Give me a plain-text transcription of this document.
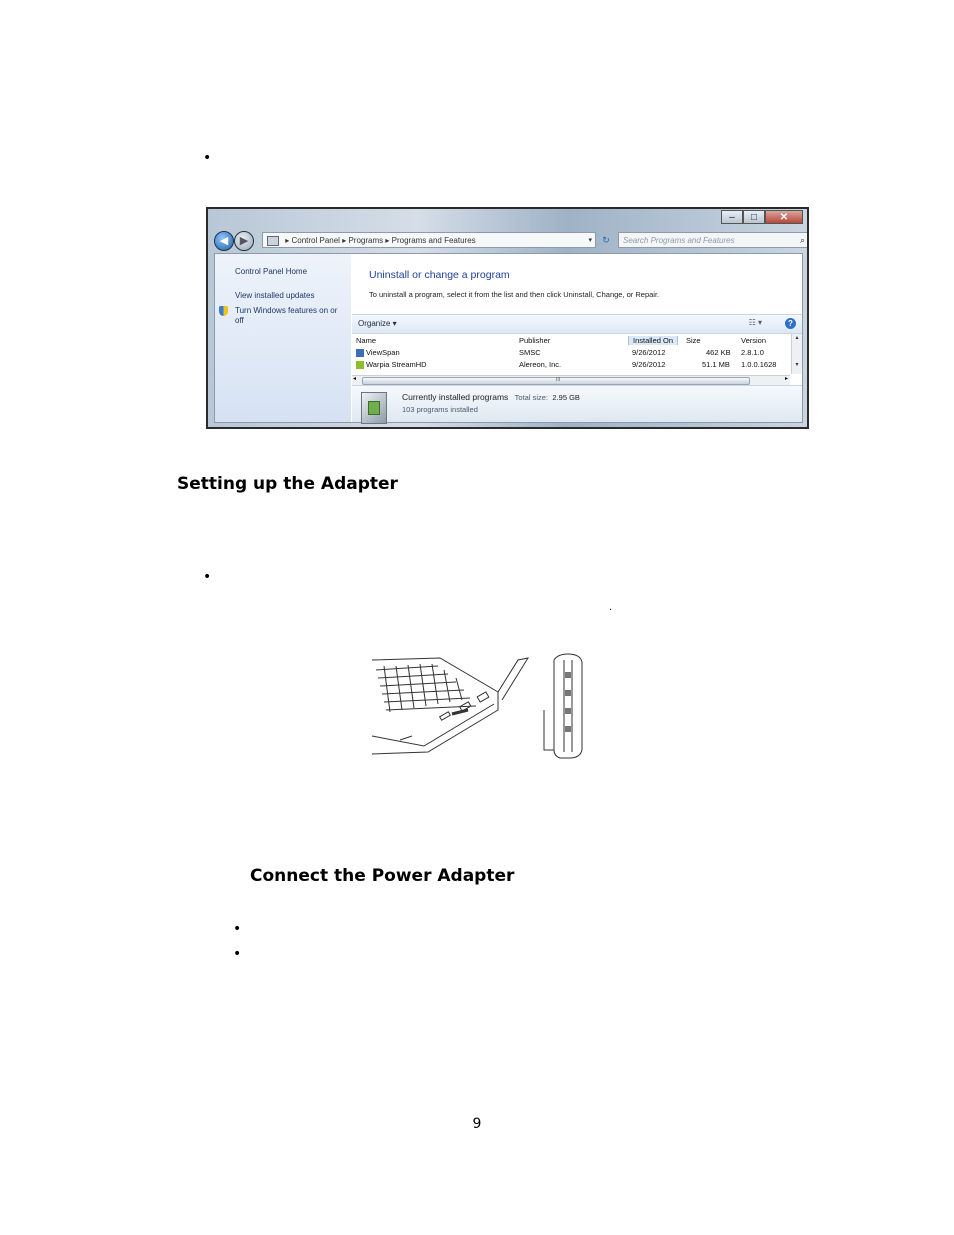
•
–	□	✕
◀	▶	▸ Control Panel ▸ Programs ▸ Programs and Features	▾	↻	Search Programs and Features	⌕
Control Panel Home
View installed updates
Turn Windows features on or
off
Uninstall or change a program
To uninstall a program, select it from the list and then click Uninstall, Change, or Repair.
Organize ▾	☷ ▾	?
Name	Publisher	Installed On	Size	Version
ViewSpan	SMSC	9/26/2012	462 KB 2.8.1.0
Warpia StreamHD	Alereon, Inc.	9/26/2012	51.1 MB 1.0.0.1628
▴
▾
◂	III	▸
Currently installed programs Total size: 2.95 GB
103 programs installed
Setting up the Adapter
•
.
Connect the Power Adapter
•
•
9
